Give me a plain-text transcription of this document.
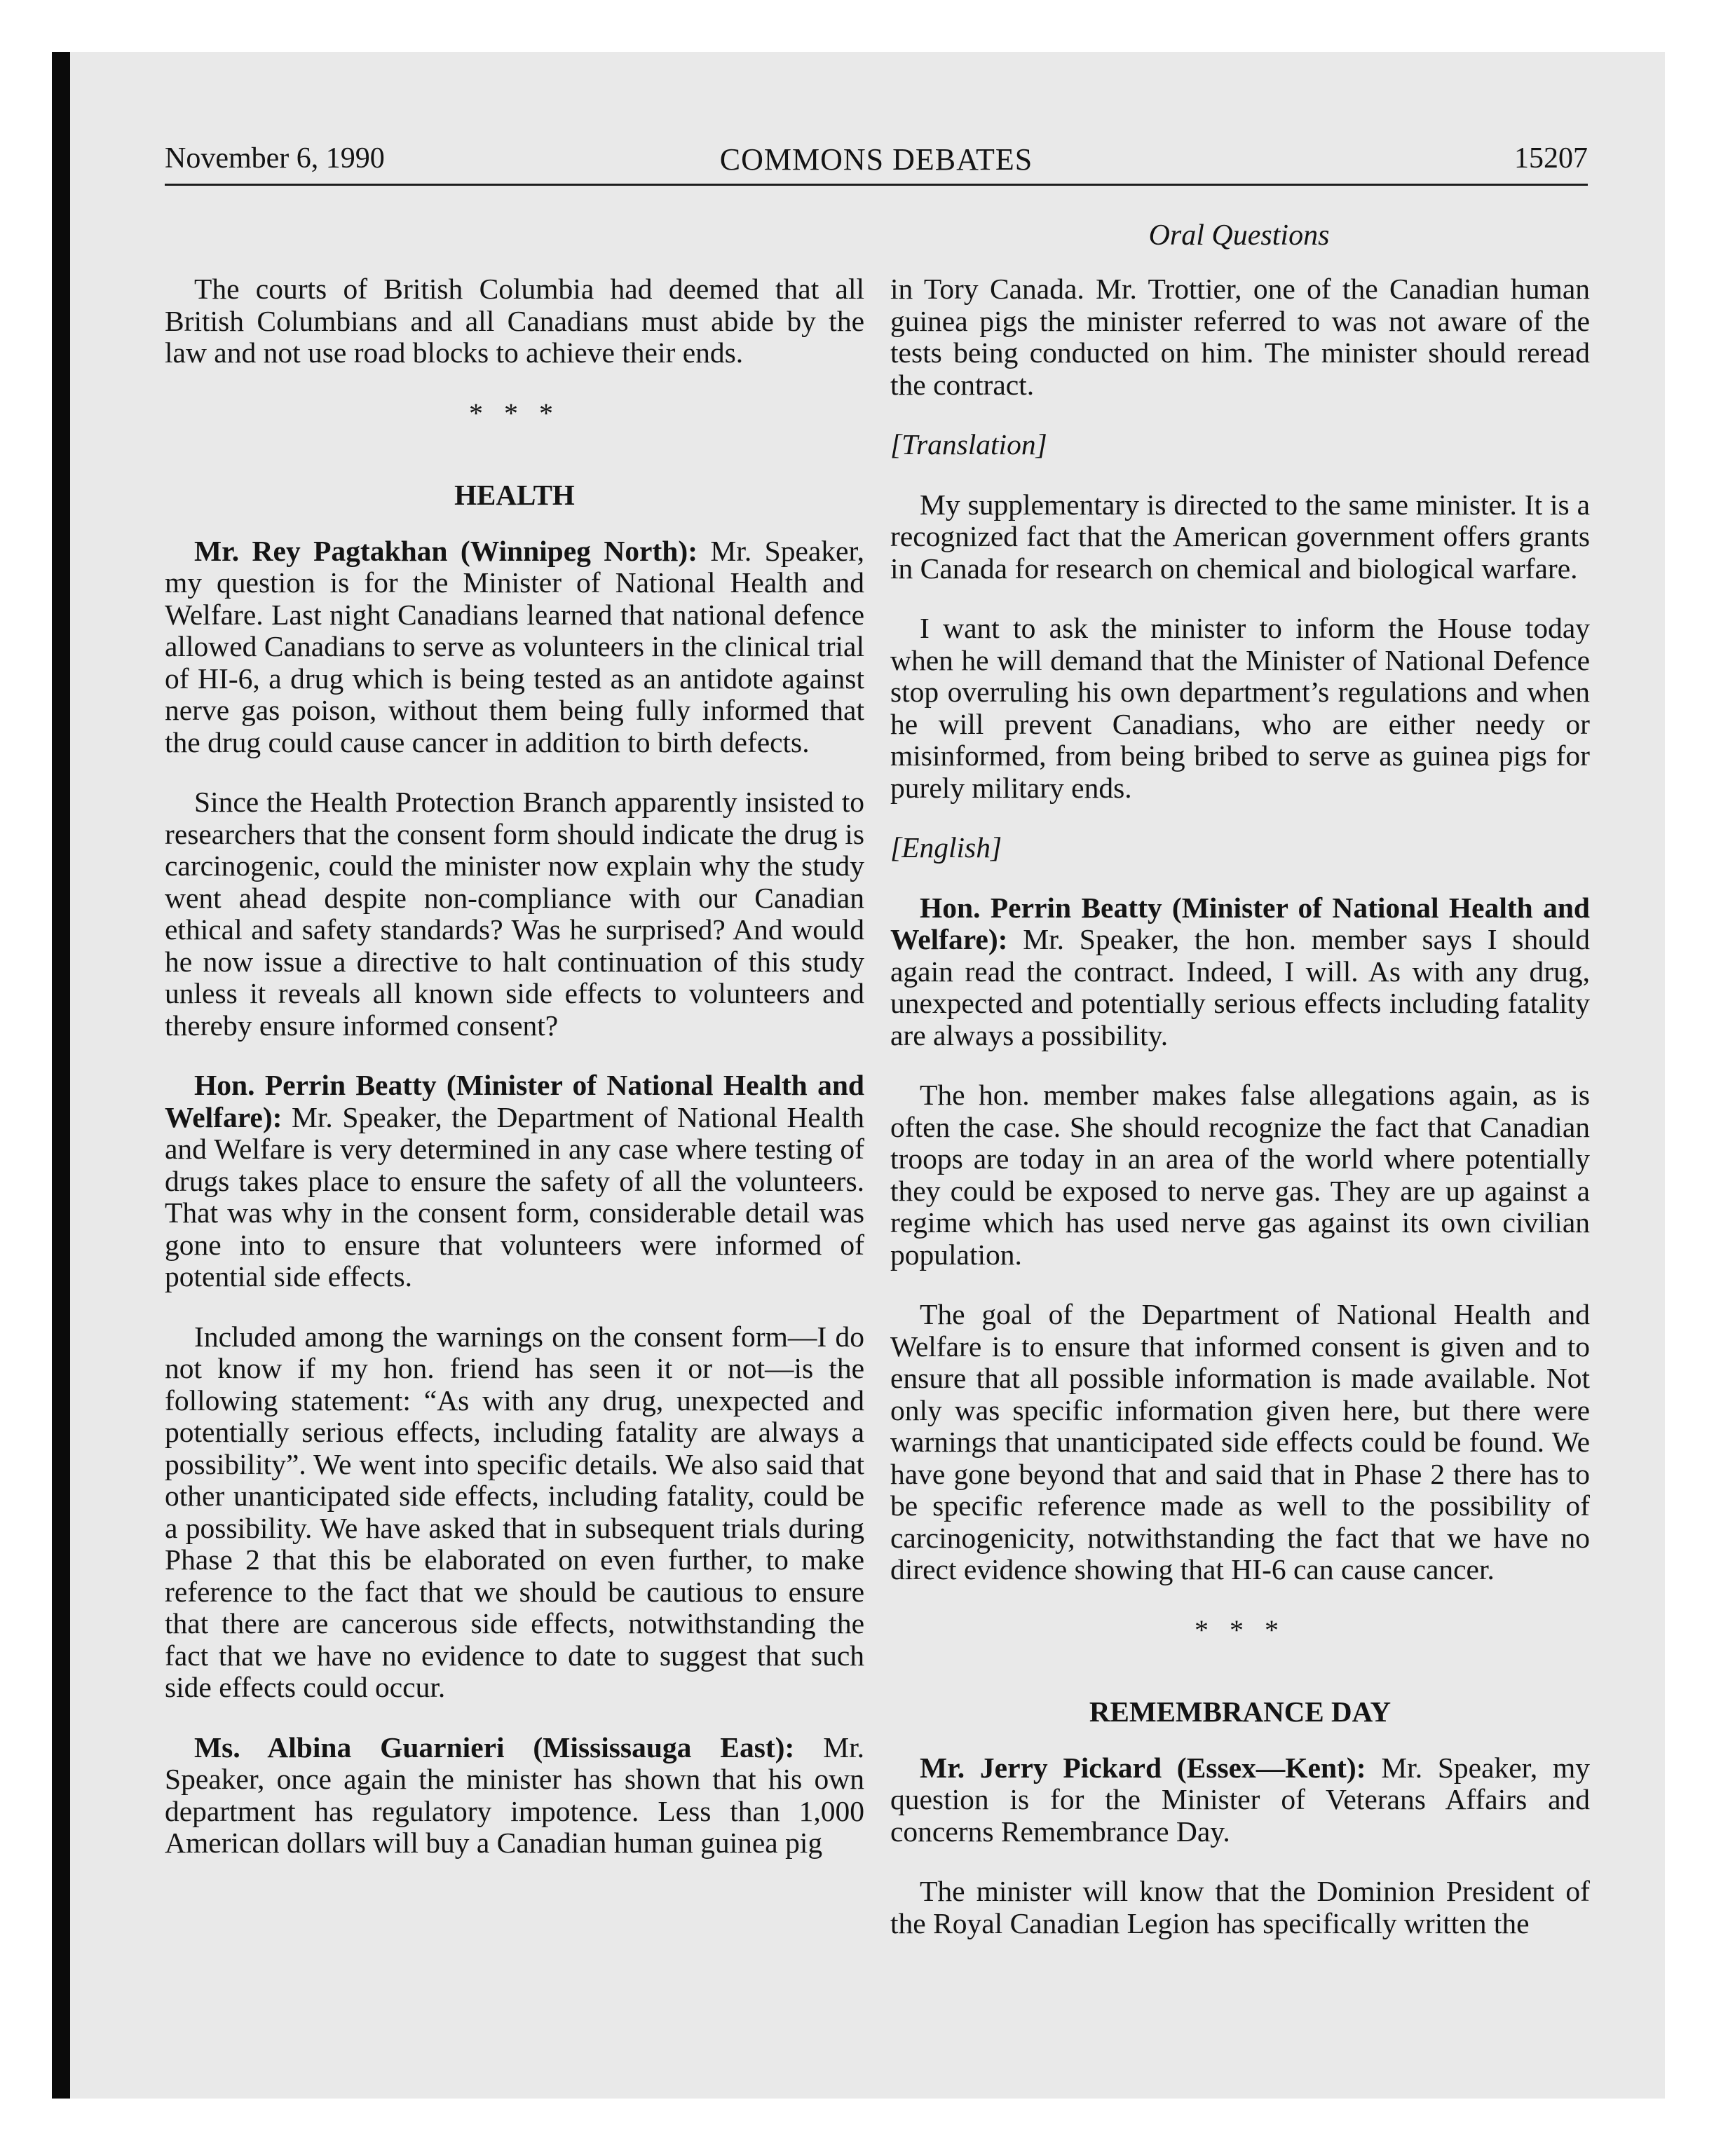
November 6, 1990	COMMONS DEBATES	15207
Oral Questions

The courts of British Columbia had deemed that all British Columbians and all Canadians must abide by the law and not use road blocks to achieve their ends.

* * *
HEALTH

Mr. Rey Pagtakhan (Winnipeg North): Mr. Speaker, my question is for the Minister of National Health and Welfare. Last night Canadians learned that national defence allowed Canadians to serve as volunteers in the clinical trial of HI-6, a drug which is being tested as an antidote against nerve gas poison, without them being fully informed that the drug could cause cancer in addition to birth defects.

Since the Health Protection Branch apparently insisted to researchers that the consent form should indicate the drug is carcinogenic, could the minister now explain why the study went ahead despite non-compliance with our Canadian ethical and safety standards? Was he surprised? And would he now issue a directive to halt continuation of this study unless it reveals all known side effects to volunteers and thereby ensure informed consent?

Hon. Perrin Beatty (Minister of National Health and Welfare): Mr. Speaker, the Department of National Health and Welfare is very determined in any case where testing of drugs takes place to ensure the safety of all the volunteers. That was why in the consent form, considerable detail was gone into to ensure that volunteers were informed of potential side effects.

Included among the warnings on the consent form—I do not know if my hon. friend has seen it or not—is the following statement: “As with any drug, unexpected and potentially serious effects, including fatality are always a possibility”. We went into specific details. We also said that other unanticipated side effects, including fatality, could be a possibility. We have asked that in subsequent trials during Phase 2 that this be elaborated on even further, to make reference to the fact that we should be cautious to ensure that there are cancerous side effects, notwithstanding the fact that we have no evidence to date to suggest that such side effects could occur.

Ms. Albina Guarnieri (Mississauga East): Mr. Speaker, once again the minister has shown that his own department has regulatory impotence. Less than 1,000 American dollars will buy a Canadian human guinea pig

in Tory Canada. Mr. Trottier, one of the Canadian human guinea pigs the minister referred to was not aware of the tests being conducted on him. The minister should reread the contract.

[Translation]

My supplementary is directed to the same minister. It is a recognized fact that the American government offers grants in Canada for research on chemical and biological warfare.

I want to ask the minister to inform the House today when he will demand that the Minister of National Defence stop overruling his own department’s regulations and when he will prevent Canadians, who are either needy or misinformed, from being bribed to serve as guinea pigs for purely military ends.

[English]

Hon. Perrin Beatty (Minister of National Health and Welfare): Mr. Speaker, the hon. member says I should again read the contract. Indeed, I will. As with any drug, unexpected and potentially serious effects including fatality are always a possibility.

The hon. member makes false allegations again, as is often the case. She should recognize the fact that Canadian troops are today in an area of the world where potentially they could be exposed to nerve gas. They are up against a regime which has used nerve gas against its own civilian population.

The goal of the Department of National Health and Welfare is to ensure that informed consent is given and to ensure that all possible information is made available. Not only was specific information given here, but there were warnings that unanticipated side effects could be found. We have gone beyond that and said that in Phase 2 there has to be specific reference made as well to the possibility of carcinogenicity, notwithstanding the fact that we have no direct evidence showing that HI-6 can cause cancer.

* * *
REMEMBRANCE DAY

Mr. Jerry Pickard (Essex—Kent): Mr. Speaker, my question is for the Minister of Veterans Affairs and concerns Remembrance Day.

The minister will know that the Dominion President of the Royal Canadian Legion has specifically written the
